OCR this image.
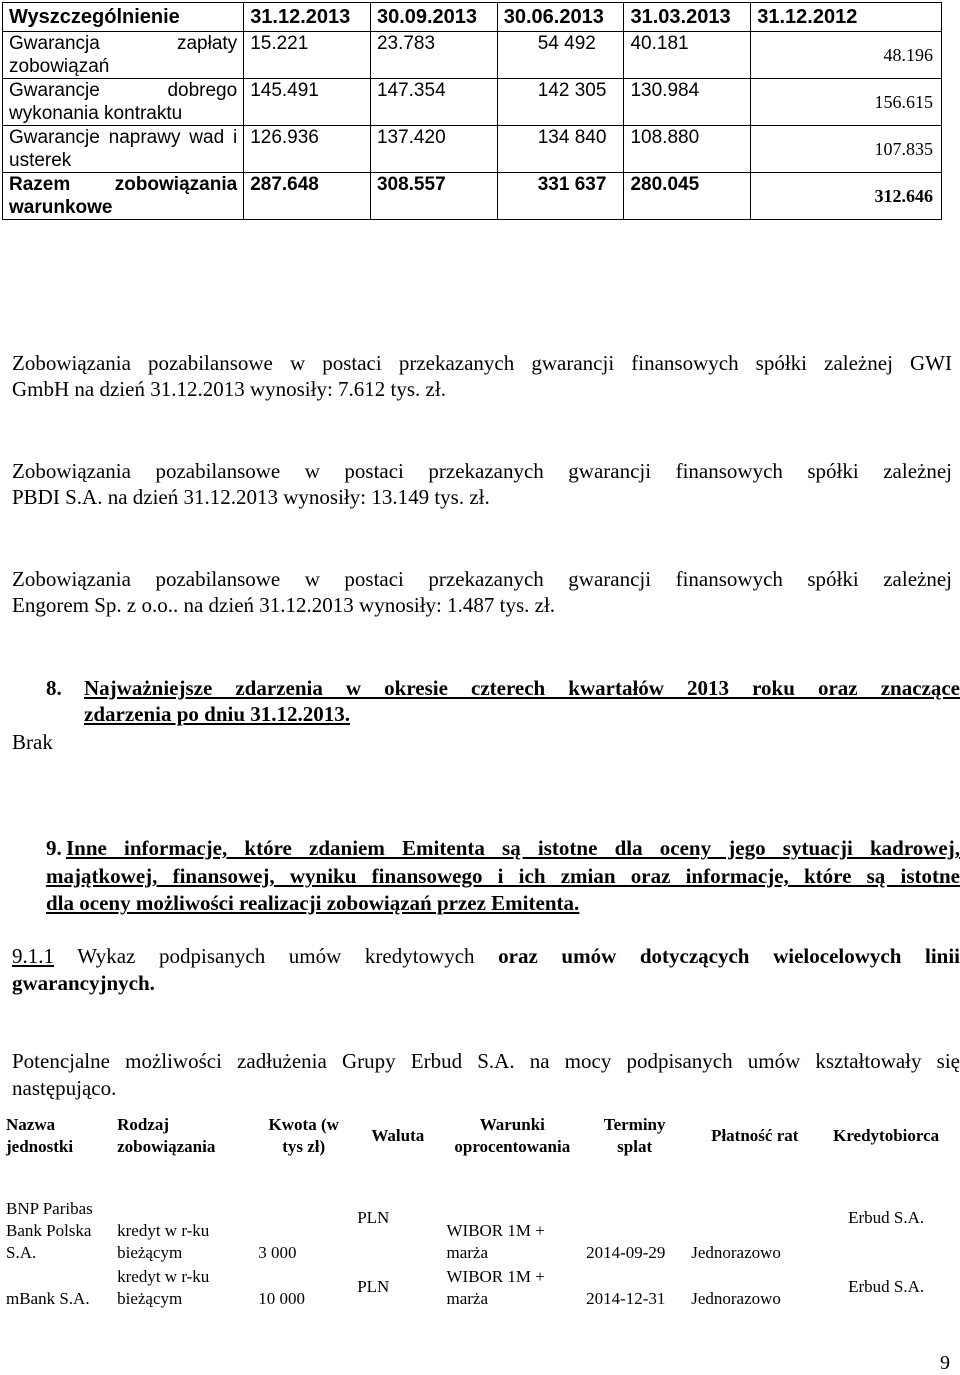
Wyszczególnienie	31.12.2013	30.09.2013	30.06.2013	31.03.2013	31.12.2012
Gwarancja zapłaty zobowiązań	15.221	23.783	54 492	40.181	48.196

Gwarancje dobrego wykonania kontraktu	145.491	147.354	142 305	130.984	156.615

Gwarancje naprawy wad i usterek	126.936	137.420	134 840	108.880	107.835

Razem zobowiązania warunkowe	287.648	308.557	331 637	280.045	312.646
Zobowiązania pozabilansowe w postaci przekazanych gwarancji finansowych spółki zależnej GWI
GmbH na dzień 31.12.2013 wynosiły: 7.612 tys. zł.
Zobowiązania pozabilansowe w postaci przekazanych gwarancji finansowych spółki zależnej
PBDI S.A. na dzień 31.12.2013 wynosiły: 13.149 tys. zł.
Zobowiązania pozabilansowe w postaci przekazanych gwarancji finansowych spółki zależnej
Engorem Sp. z o.o.. na dzień 31.12.2013 wynosiły: 1.487 tys. zł.
8. Najważniejsze zdarzenia w okresie czterech kwartałów 2013 roku oraz znaczące
zdarzenia po dniu 31.12.2013.
Brak
9. Inne informacje, które zdaniem Emitenta są istotne dla oceny jego sytuacji kadrowej,
majątkowej, finansowej, wyniku finansowego i ich zmian oraz informacje, które są istotne
dla oceny możliwości realizacji zobowiązań przez Emitenta.
9.1.1 Wykaz podpisanych umów kredytowych oraz umów dotyczących wielocelowych linii
gwarancyjnych.
Potencjalne możliwości zadłużenia Grupy Erbud S.A. na mocy podpisanych umów kształtowały się
następująco.
Nazwa jednostki	Rodzaj zobowiązania	Kwota (w tys zł)	Waluta	Warunki oprocentowania	Terminy splat	Płatność rat	Kredytobiorca
BNP Paribas Bank Polska S.A.	kredyt w r-ku bieżącym	3 000	PLN	WIBOR 1M + marża	2014-09-29	Jednorazowo	Erbud S.A.
mBank S.A.	kredyt w r-ku bieżącym	10 000	PLN	WIBOR 1M + marża	2014-12-31	Jednorazowo	Erbud S.A.
9
